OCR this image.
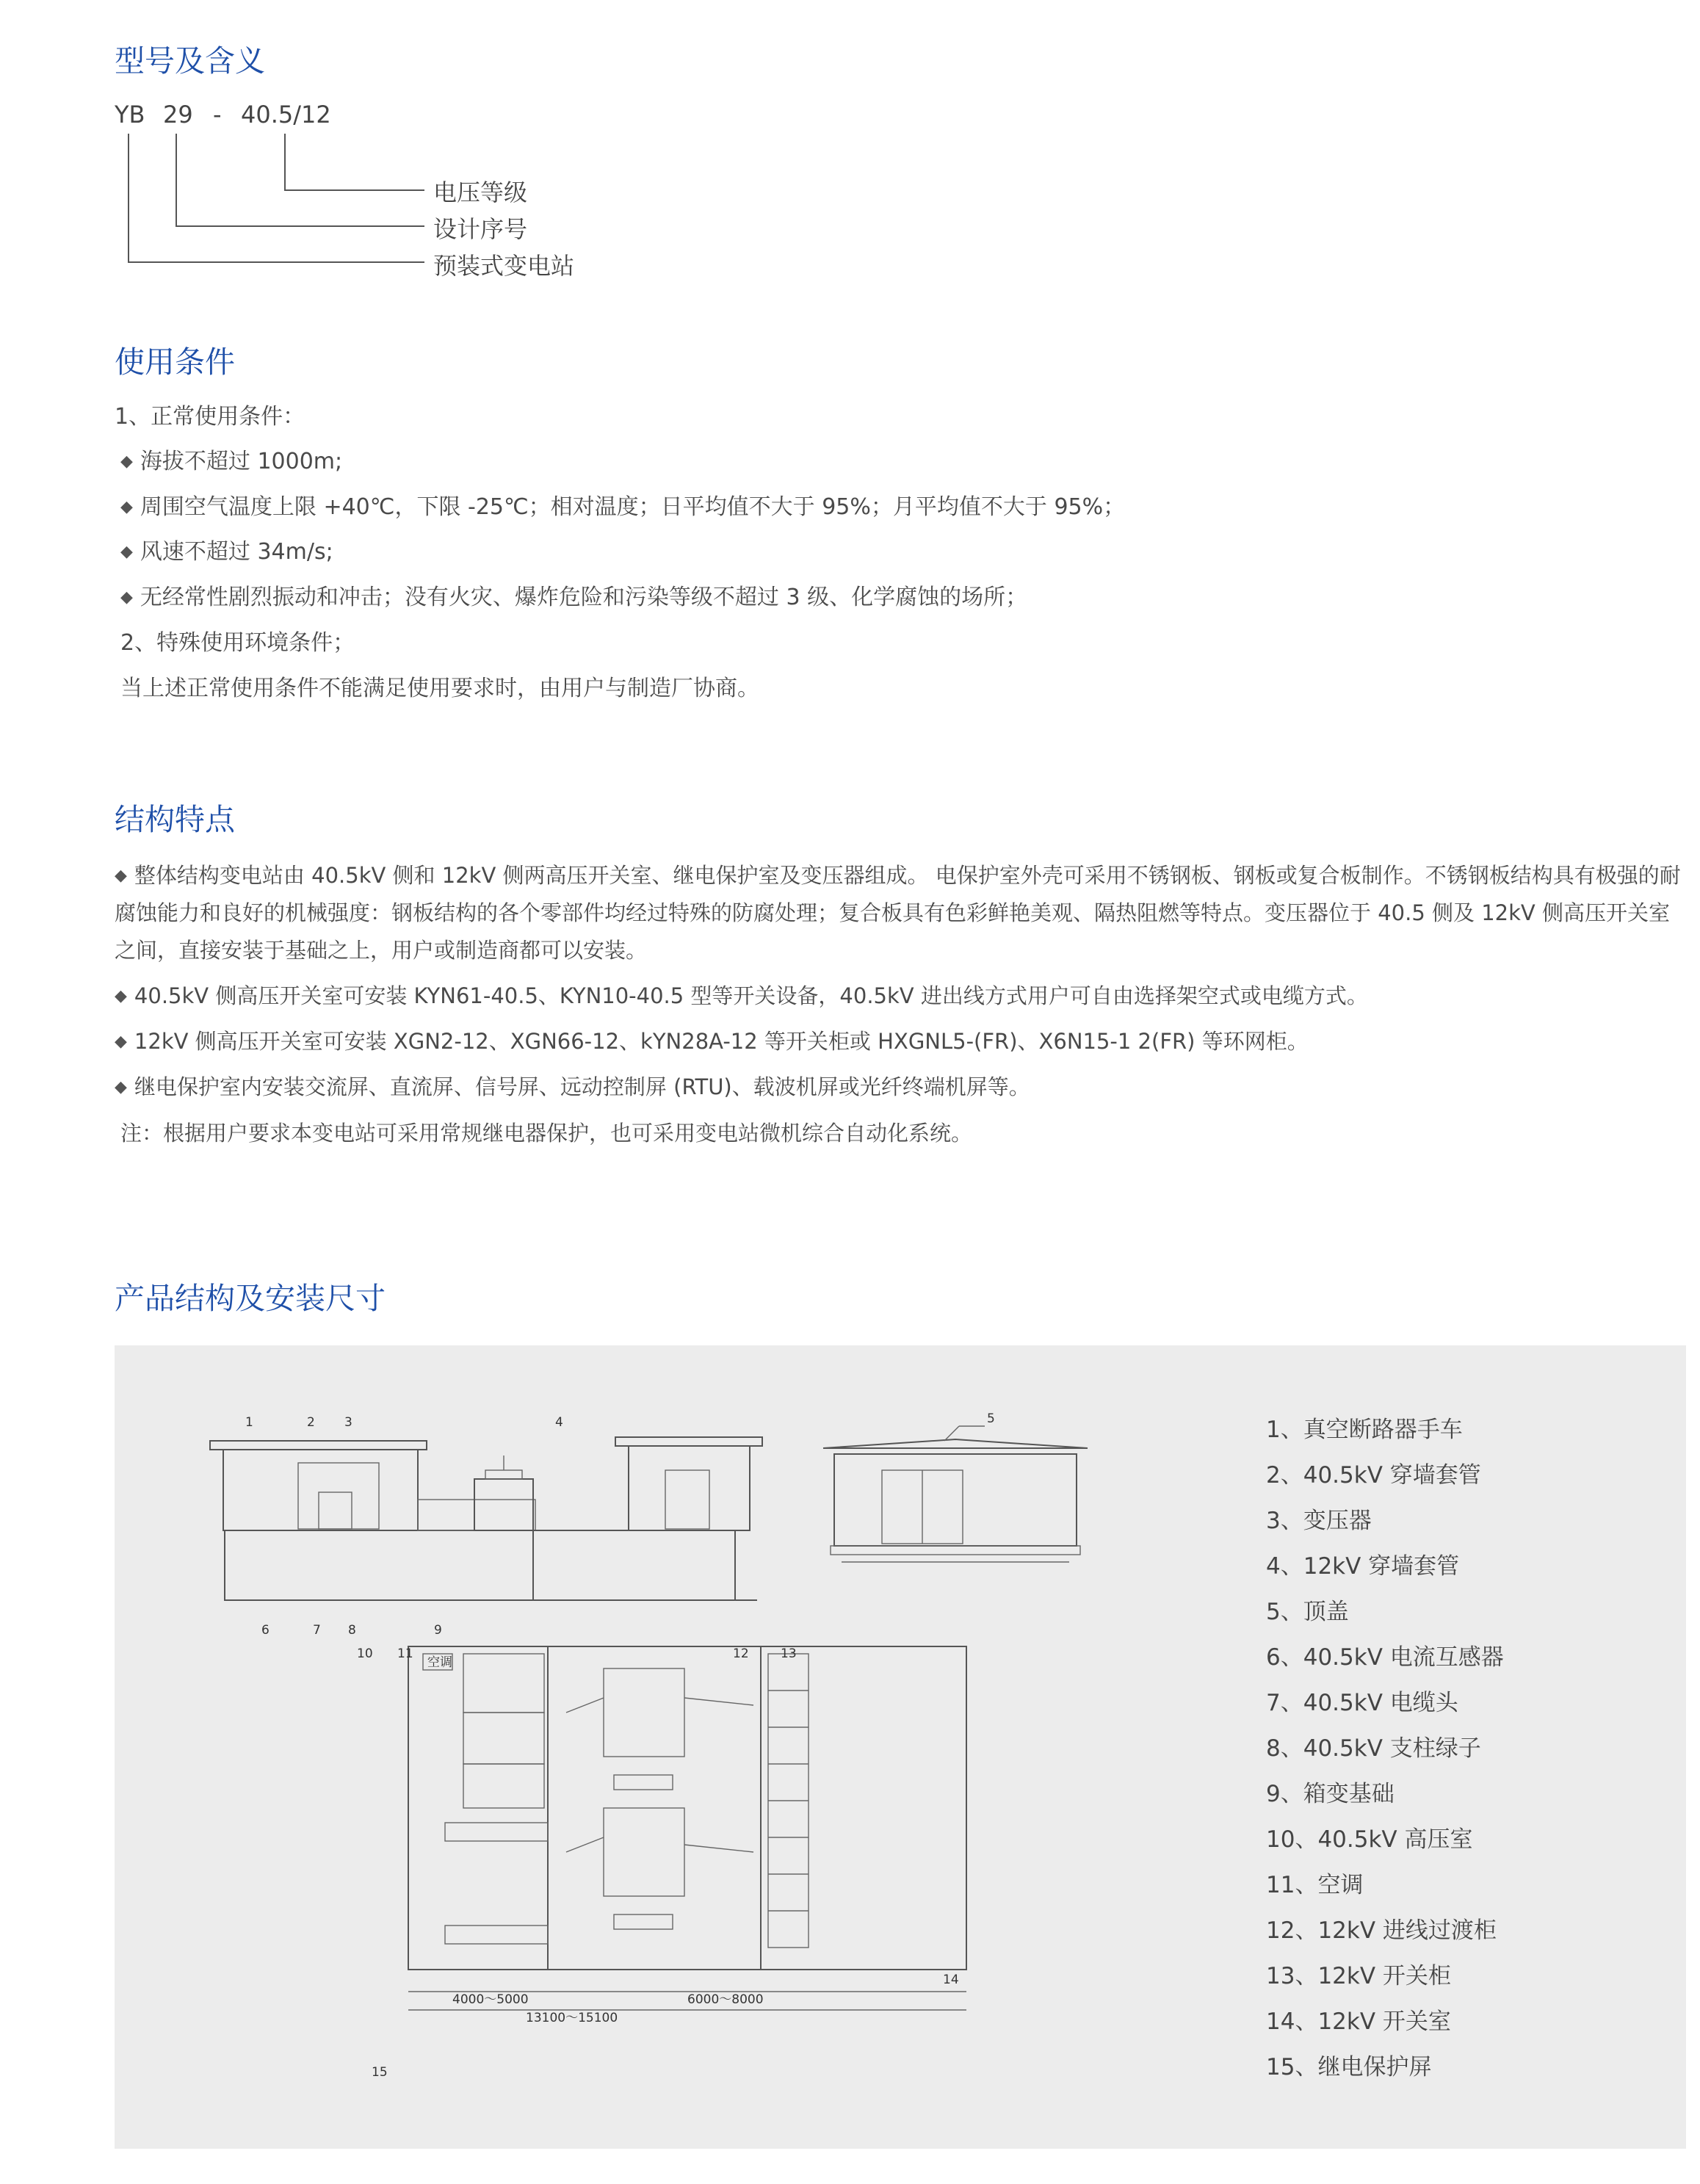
型号及含义
YB 29 - 40.5/12
电压等级
设计序号
预装式变电站
使用条件

1、正常使用条件：

◆ 海拔不超过 1000m;

◆ 周围空气温度上限 +40℃，下限 -25℃；相对温度；日平均值不大于 95%；月平均值不大于 95%；

◆ 风速不超过 34m/s;

◆ 无经常性剧烈振动和冲击；没有火灾、爆炸危险和污染等级不超过 3 级、化学腐蚀的场所；

2、特殊使用环境条件；

当上述正常使用条件不能满足使用要求时，由用户与制造厂协商。

结构特点

◆ 整体结构变电站由 40.5kV 侧和 12kV 侧两高压开关室、继电保护室及变压器组成。 电保护室外壳可采用不锈钢板、钢板或复合板制作。不锈钢板结构具有极强的耐腐蚀能力和良好的机械强度：钢板结构的各个零部件均经过特殊的防腐处理；复合板具有色彩鲜艳美观、隔热阻燃等特点。变压器位于 40.5 侧及 12kV 侧高压开关室之间，直接安装于基础之上，用户或制造商都可以安装。

◆ 40.5kV 侧高压开关室可安装 KYN61-40.5、KYN10-40.5 型等开关设备，40.5kV 进出线方式用户可自由选择架空式或电缆方式。

◆ 12kV 侧高压开关室可安装 XGN2-12、XGN66-12、kYN28A-12 等开关柜或 HXGNL5-(FR)、X6N15-1 2(FR) 等环网柜。

◆ 继电保护室内安装交流屏、直流屏、信号屏、远动控制屏 (RTU)、载波机屏或光纤终端机屏等。

注：根据用户要求本变电站可采用常规继电器保护，也可采用变电站微机综合自动化系统。

产品结构及安装尺寸
1	2 3	4	5
6	7 8	9
10 11	12	13
14
15
空调
4000～5000	6000～8000
13100～15100
1、真空断路器手车
2、40.5kV 穿墙套管
3、变压器
4、12kV 穿墙套管
5、顶盖
6、40.5kV 电流互感器
7、40.5kV 电缆头
8、40.5kV 支柱绿子
9、箱变基础
10、40.5kV 高压室
11、空调
12、12kV 进线过渡柜
13、12kV 开关柜
14、12kV 开关室
15、继电保护屏
